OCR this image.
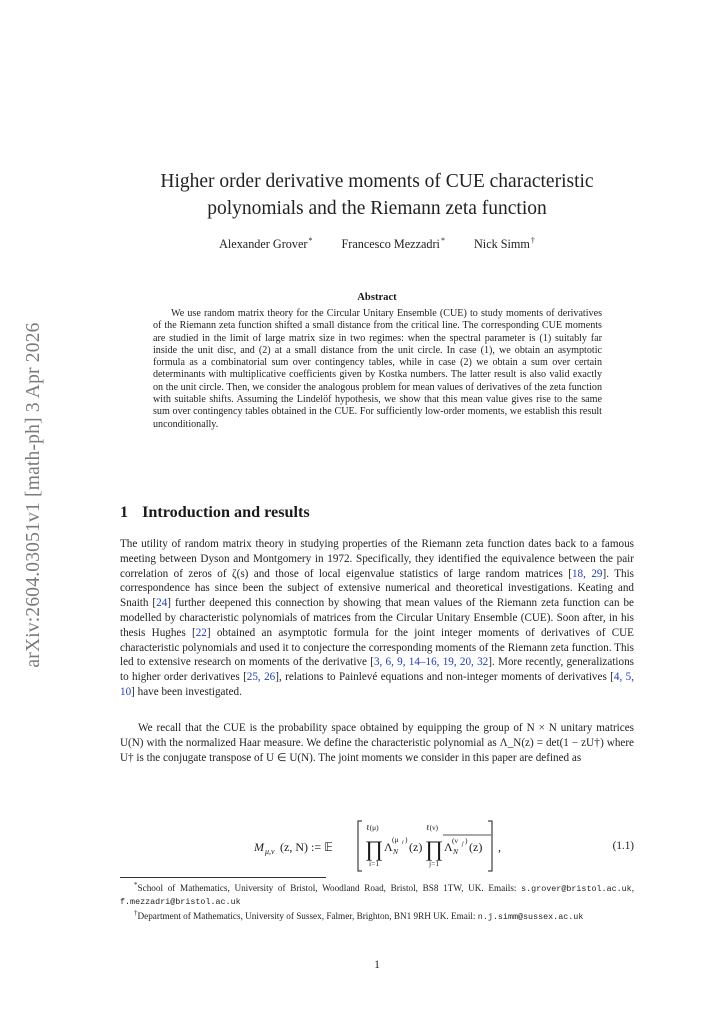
arXiv:2604.03051v1 [math-ph] 3 Apr 2026
Higher order derivative moments of CUE characteristic
polynomials and the Riemann zeta function
Alexander Grover* Francesco Mezzadri* Nick Simm†
Abstract
We use random matrix theory for the Circular Unitary Ensemble (CUE) to study moments of derivatives of the Riemann zeta function shifted a small distance from the critical line. The corresponding CUE moments are studied in the limit of large matrix size in two regimes: when the spectral parameter is (1) suitably far inside the unit disc, and (2) at a small distance from the unit circle. In case (1), we obtain an asymptotic formula as a combinatorial sum over contingency tables, while in case (2) we obtain a sum over certain determinants with multiplicative coefficients given by Kostka numbers. The latter result is also valid exactly on the unit circle. Then, we consider the analogous problem for mean values of derivatives of the zeta function with suitable shifts. Assuming the Lindelöf hypothesis, we show that this mean value gives rise to the same sum over contingency tables obtained in the CUE. For sufficiently low-order moments, we establish this result unconditionally.
1 Introduction and results
The utility of random matrix theory in studying properties of the Riemann zeta function dates back to a famous meeting between Dyson and Montgomery in 1972. Specifically, they identified the equivalence between the pair correlation of zeros of ζ(s) and those of local eigenvalue statistics of large random matrices [18, 29]. This correspondence has since been the subject of extensive numerical and theoretical investigations. Keating and Snaith [24] further deepened this connection by showing that mean values of the Riemann zeta function can be modelled by characteristic polynomials of matrices from the Circular Unitary Ensemble (CUE). Soon after, in his thesis Hughes [22] obtained an asymptotic formula for the joint integer moments of derivatives of CUE characteristic polynomials and used it to conjecture the corresponding moments of the Riemann zeta function. This led to extensive research on moments of the derivative [3, 6, 9, 14–16, 19, 20, 32]. More recently, generalizations to higher order derivatives [25, 26], relations to Painlevé equations and non-integer moments of derivatives [4, 5, 10] have been investigated.
We recall that the CUE is the probability space obtained by equipping the group of N × N unitary matrices U(N) with the normalized Haar measure. We define the characteristic polynomial as Λ_N(z) = det(1 − zU†) where U† is the conjugate transpose of U ∈ U(N). The joint moments we consider in this paper are defined as
M μ,ν (z, N) := 𝔼
ℓ(μ)
∏
i=1
Λ N
(μ i )
(z)
ℓ(ν)
∏
j=1
Λ N
(ν j ) (z) ,	(1.1)

*School of Mathematics, University of Bristol, Woodland Road, Bristol, BS8 1TW, UK. Emails: s.grover@bristol.ac.uk, f.mezzadri@bristol.ac.uk

†Department of Mathematics, University of Sussex, Falmer, Brighton, BN1 9RH UK. Email: n.j.simm@sussex.ac.uk

1
